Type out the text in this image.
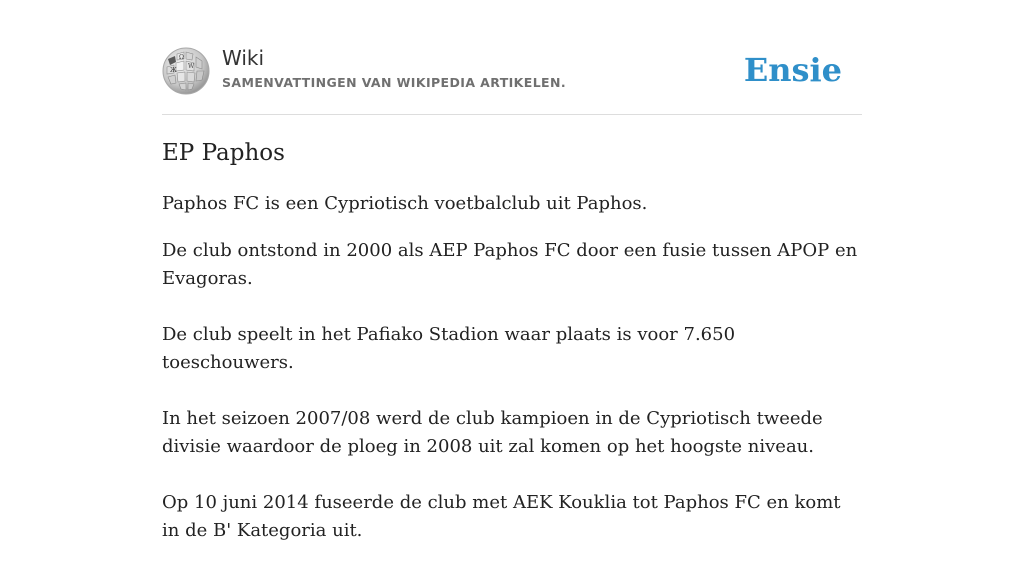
Ω
W
Ж
Wiki
SAMENVATTINGEN VAN WIKIPEDIA ARTIKELEN.	Ensie
EP Paphos

Paphos FC is een Cypriotisch voetbalclub uit Paphos.

De club ontstond in 2000 als AEP Paphos FC door een fusie tussen APOP en Evagoras.

De club speelt in het Pafiako Stadion waar plaats is voor 7.650 toeschouwers.

In het seizoen 2007/08 werd de club kampioen in de Cypriotisch tweede divisie waardoor de ploeg in 2008 uit zal komen op het hoogste niveau.

Op 10 juni 2014 fuseerde de club met AEK Kouklia tot Paphos FC en komt in de B' Kategoria uit.
